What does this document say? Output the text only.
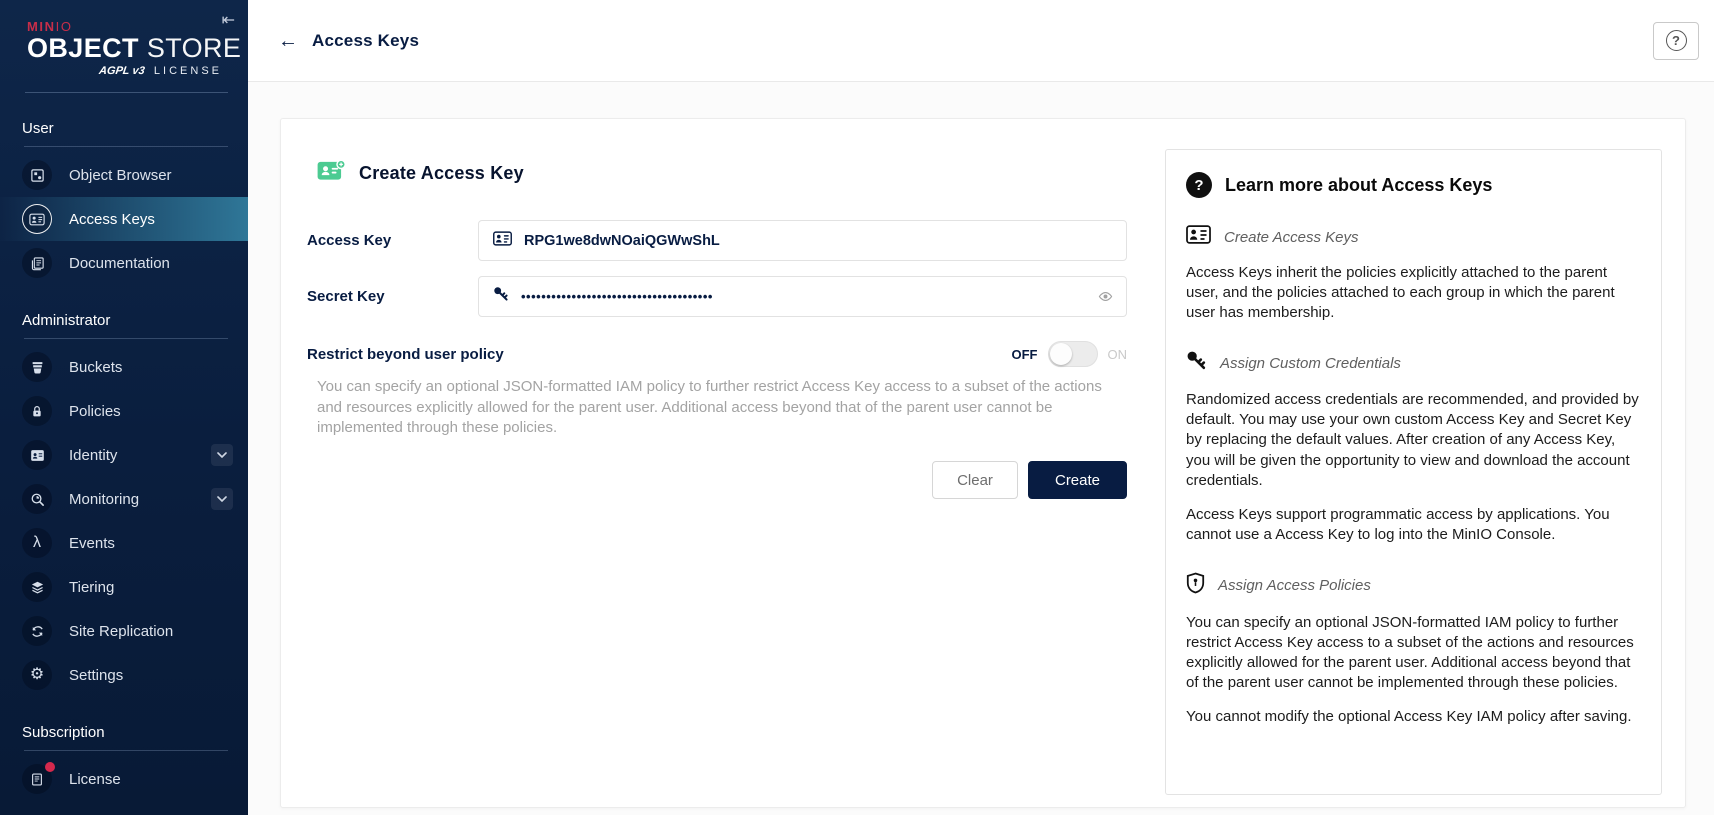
⇤
MINIO
OBJECT STORE
AGPL v3 LICENSE
User
Object Browser
Access Keys
Documentation
Administrator
Buckets
Policies
Identity
Monitoring
λ Events
Tiering
Site Replication
⚙ Settings
Subscription
License
← Access Keys	?
Create Access Key
Access Key
RPG1we8dwNOaiQGWwShL
Secret Key
••••••••••••••••••••••••••••••••••••••
Restrict beyond user policy	OFF	ON

You can specify an optional JSON-formatted IAM policy to further restrict Access Key access to a subset of the actions and resources explicitly allowed for the parent user. Additional access beyond that of the parent user cannot be implemented through these policies.

Clear	Create
?	Learn more about Access Keys
Create Access Keys

Access Keys inherit the policies explicitly attached to the parent user, and the policies attached to each group in which the parent user has membership.

Assign Custom Credentials

Randomized access credentials are recommended, and provided by default. You may use your own custom Access Key and Secret Key by replacing the default values. After creation of any Access Key, you will be given the opportunity to view and download the account credentials.

Access Keys support programmatic access by applications. You cannot use a Access Key to log into the MinIO Console.

Assign Access Policies

You can specify an optional JSON-formatted IAM policy to further restrict Access Key access to a subset of the actions and resources explicitly allowed for the parent user. Additional access beyond that of the parent user cannot be implemented through these policies.

You cannot modify the optional Access Key IAM policy after saving.
